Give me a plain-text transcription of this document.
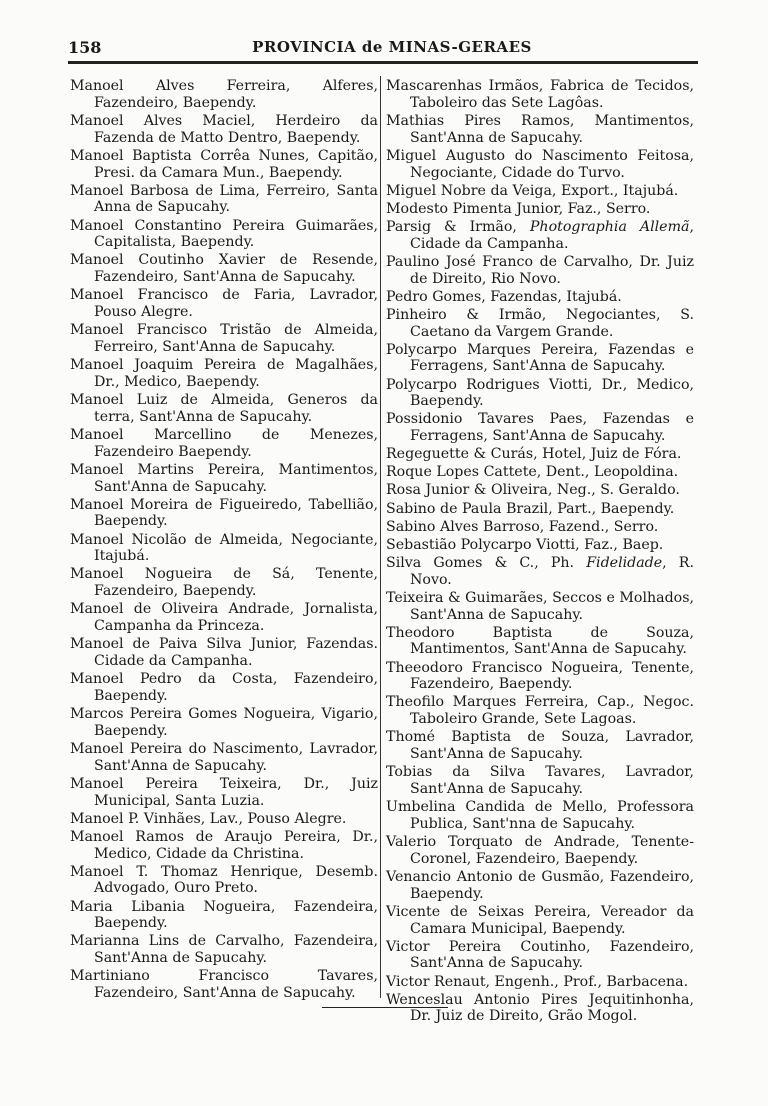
158	PROVINCIA de MINAS-GERAES

Manoel Alves Ferreira, Alferes, Fazendeiro, Baependy.

Manoel Alves Maciel, Herdeiro da Fazenda de Matto Dentro, Baependy.

Manoel Baptista Corrêa Nunes, Capitão, Presi. da Camara Mun., Baependy.

Manoel Barbosa de Lima, Ferreiro, Santa Anna de Sapucahy.

Manoel Constantino Pereira Guimarães, Capitalista, Baependy.

Manoel Coutinho Xavier de Resende, Fazendeiro, Sant'Anna de Sapucahy.

Manoel Francisco de Faria, Lavrador, Pouso Alegre.

Manoel Francisco Tristão de Almeida, Ferreiro, Sant'Anna de Sapucahy.

Manoel Joaquim Pereira de Magalhães, Dr., Medico, Baependy.

Manoel Luiz de Almeida, Generos da terra, Sant'Anna de Sapucahy.

Manoel Marcellino de Menezes, Fazendeiro Baependy.

Manoel Martins Pereira, Mantimentos, Sant'Anna de Sapucahy.

Manoel Moreira de Figueiredo, Tabellião, Baependy.

Manoel Nicolão de Almeida, Negociante, Itajubá.

Manoel Nogueira de Sá, Tenente, Fazendeiro, Baependy.

Manoel de Oliveira Andrade, Jornalista, Campanha da Princeza.

Manoel de Paiva Silva Junior, Fazendas. Cidade da Campanha.

Manoel Pedro da Costa, Fazendeiro, Baependy.

Marcos Pereira Gomes Nogueira, Vigario, Baependy.

Manoel Pereira do Nascimento, Lavrador, Sant'Anna de Sapucahy.

Manoel Pereira Teixeira, Dr., Juiz Municipal, Santa Luzia.

Manoel P. Vinhães, Lav., Pouso Alegre.

Manoel Ramos de Araujo Pereira, Dr., Medico, Cidade da Christina.

Manoel T. Thomaz Henrique, Desemb. Advogado, Ouro Preto.

Maria Libania Nogueira, Fazendeira, Baependy.

Marianna Lins de Carvalho, Fazendeira, Sant'Anna de Sapucahy.

Martiniano Francisco Tavares, Fazendeiro, Sant'Anna de Sapucahy.

Mascarenhas Irmãos, Fabrica de Tecidos, Taboleiro das Sete Lagôas.

Mathias Pires Ramos, Mantimentos, Sant'Anna de Sapucahy.

Miguel Augusto do Nascimento Feitosa, Negociante, Cidade do Turvo.

Miguel Nobre da Veiga, Export., Itajubá.

Modesto Pimenta Junior, Faz., Serro.

Parsig & Irmão, Photographia Allemã, Cidade da Campanha.

Paulino José Franco de Carvalho, Dr. Juiz de Direito, Rio Novo.

Pedro Gomes, Fazendas, Itajubá.

Pinheiro & Irmão, Negociantes, S. Caetano da Vargem Grande.

Polycarpo Marques Pereira, Fazendas e Ferragens, Sant'Anna de Sapucahy.

Polycarpo Rodrigues Viotti, Dr., Medico, Baependy.

Possidonio Tavares Paes, Fazendas e Ferragens, Sant'Anna de Sapucahy.

Regeguette & Curás, Hotel, Juiz de Fóra.

Roque Lopes Cattete, Dent., Leopoldina.

Rosa Junior & Oliveira, Neg., S. Geraldo.

Sabino de Paula Brazil, Part., Baependy.

Sabino Alves Barroso, Fazend., Serro.

Sebastião Polycarpo Viotti, Faz., Baep.

Silva Gomes & C., Ph. Fidelidade, R. Novo.

Teixeira & Guimarães, Seccos e Molhados, Sant'Anna de Sapucahy.

Theodoro Baptista de Souza, Mantimentos, Sant'Anna de Sapucahy.

Theeodoro Francisco Nogueira, Tenente, Fazendeiro, Baependy.

Theofilo Marques Ferreira, Cap., Negoc. Taboleiro Grande, Sete Lagoas.

Thomé Baptista de Souza, Lavrador, Sant'Anna de Sapucahy.

Tobias da Silva Tavares, Lavrador, Sant'Anna de Sapucahy.

Umbelina Candida de Mello, Professora Publica, Sant'nna de Sapucahy.

Valerio Torquato de Andrade, Tenente-Coronel, Fazendeiro, Baependy.

Venancio Antonio de Gusmão, Fazendeiro, Baependy.

Vicente de Seixas Pereira, Vereador da Camara Municipal, Baependy.

Victor Pereira Coutinho, Fazendeiro, Sant'Anna de Sapucahy.

Victor Renaut, Engenh., Prof., Barbacena.

Wenceslau Antonio Pires Jequitinhonha, Dr. Juiz de Direito, Grão Mogol.
